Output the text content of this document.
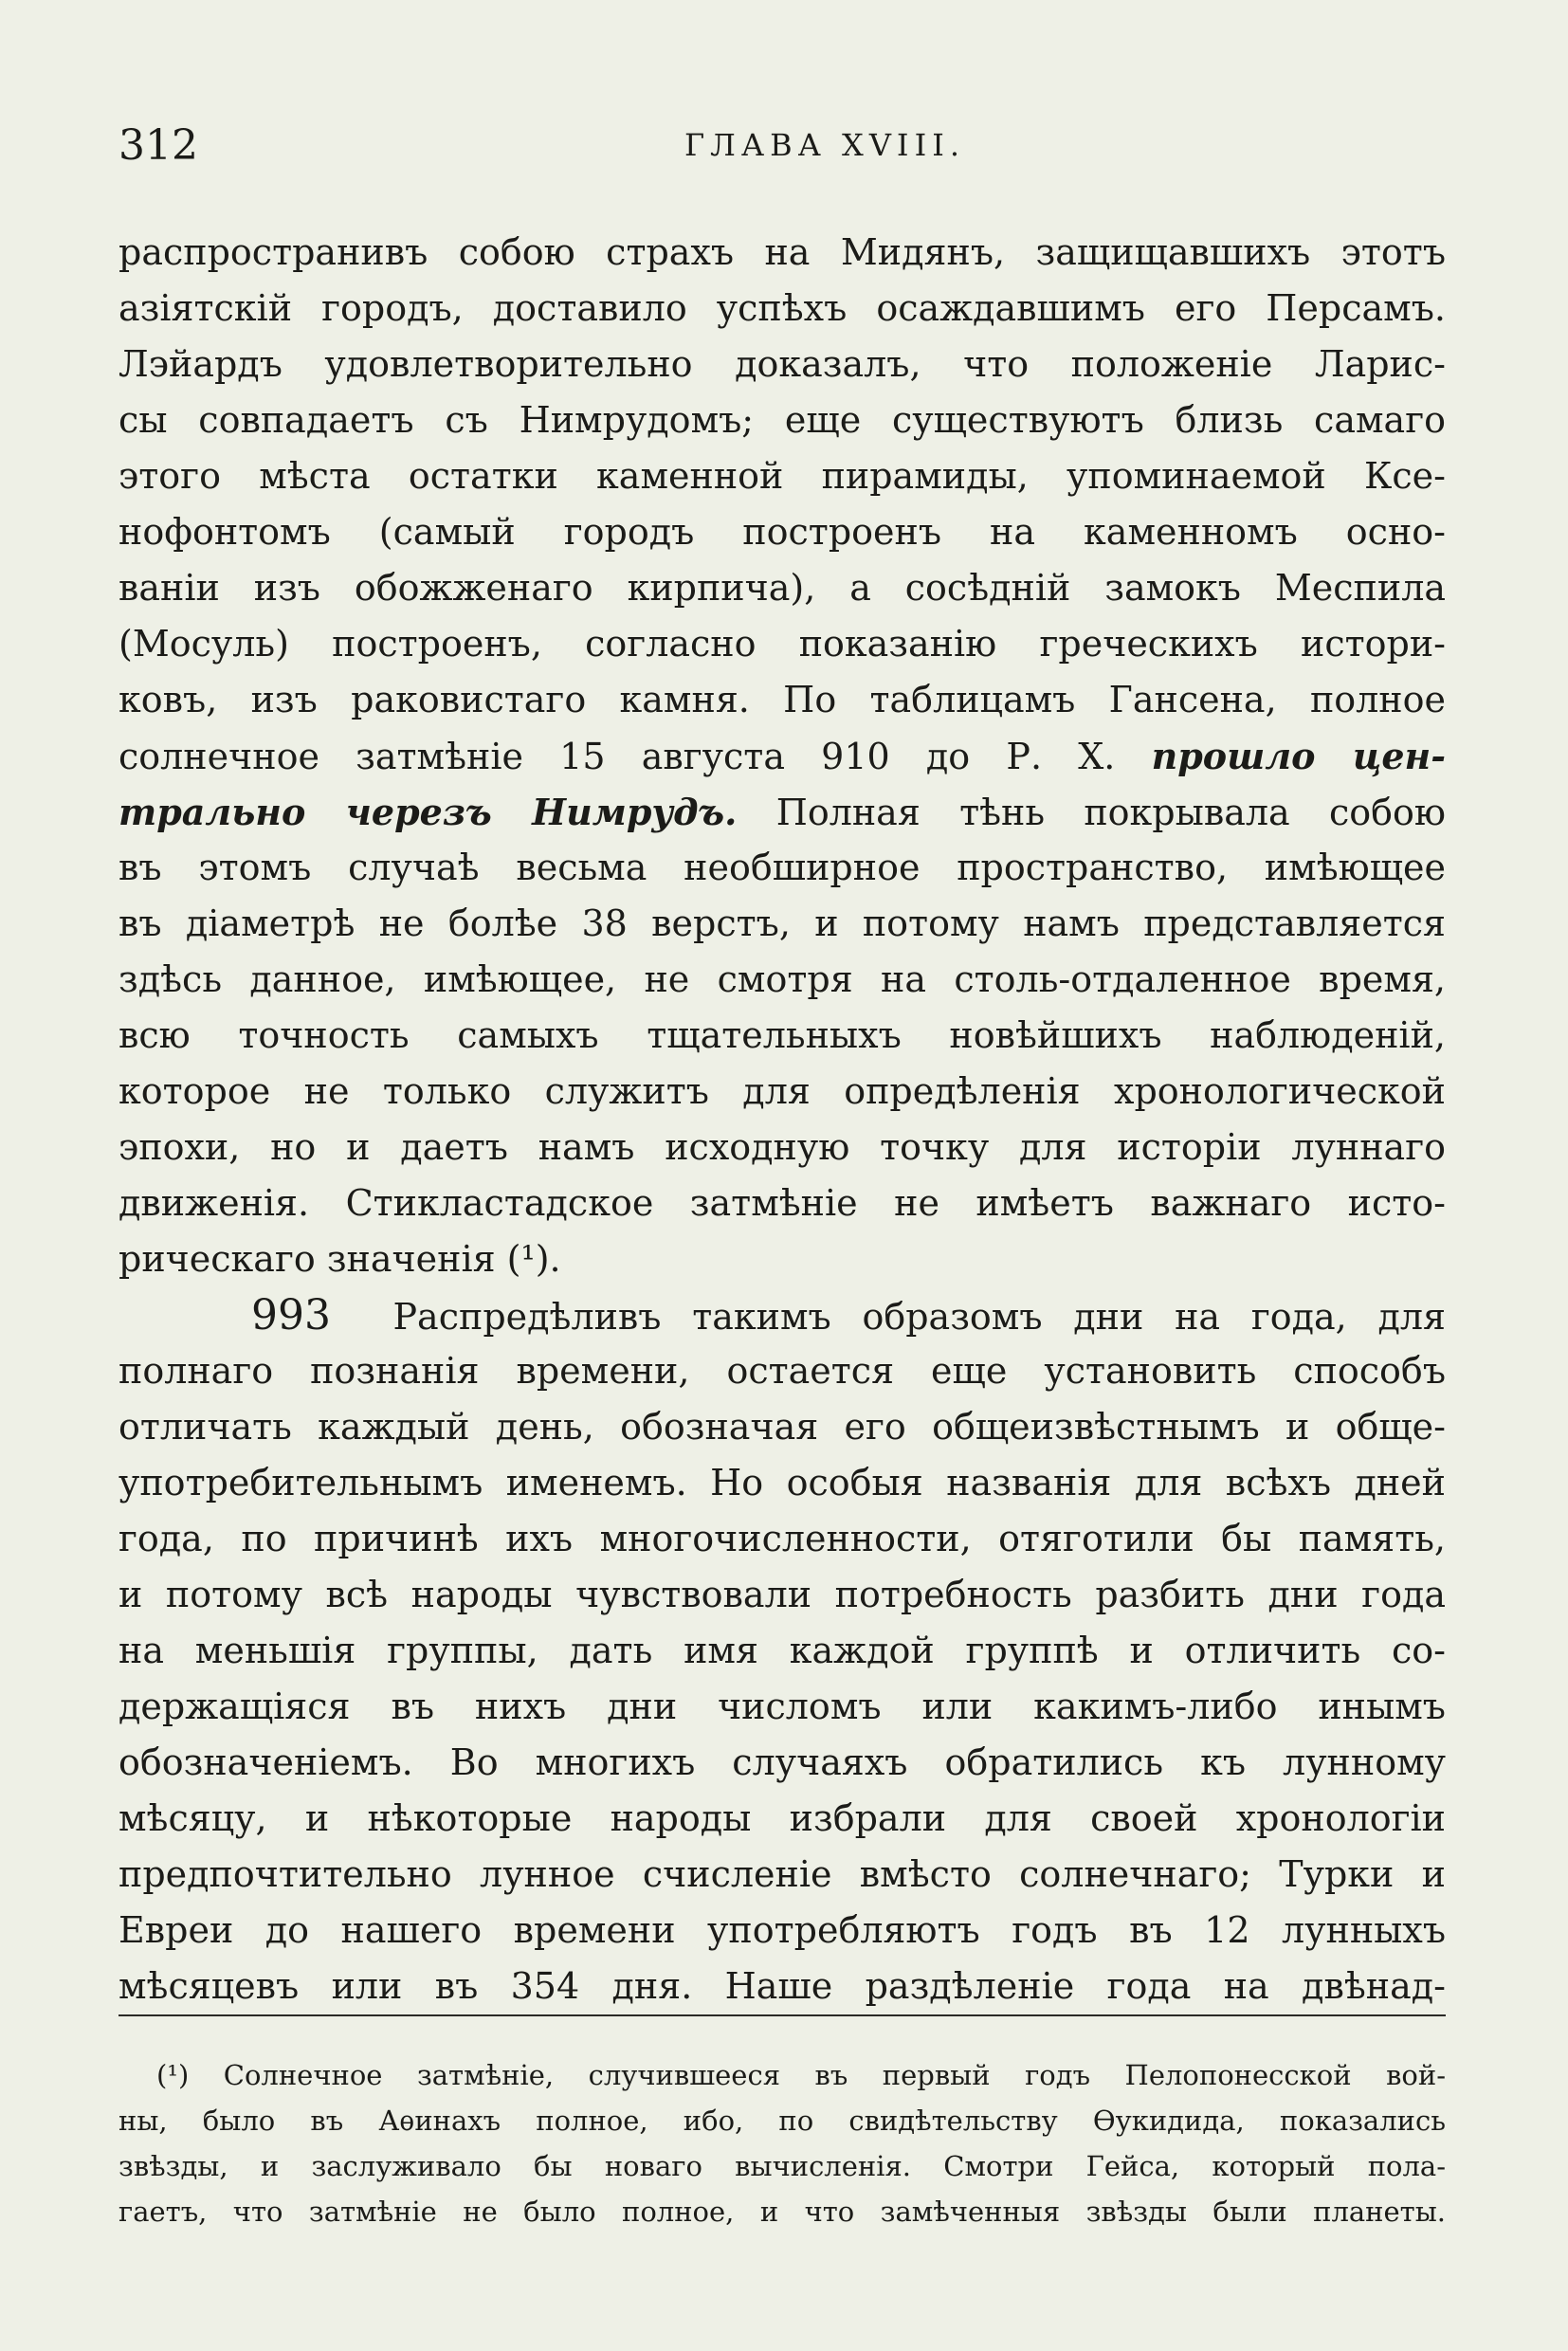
312	ГЛАВА XVIII.
распространивъ собою страхъ на Мидянъ, защищавшихъ этотъ
азіятскій городъ, доставило успѣхъ осаждавшимъ его Персамъ.
Лэйардъ удовлетворительно доказалъ, что положеніе Ларис-
сы совпадаетъ съ Нимрудомъ; еще существуютъ близь самаго
этого мѣста остатки каменной пирамиды, упоминаемой Ксе-
нофонтомъ (самый городъ построенъ на каменномъ осно-
ваніи изъ обожженаго кирпича), а сосѣдній замокъ Меспила
(Мосуль) построенъ, согласно показанію греческихъ истори-
ковъ, изъ раковистаго камня. По таблицамъ Гансена, полное
солнечное затмѣніе 15 августа 910 до Р. Х. прошло цен-
трально черезъ Нимрудъ. Полная тѣнь покрывала собою
въ этомъ случаѣ весьма необширное пространство, имѣющее
въ діаметрѣ не болѣе 38 верстъ, и потому намъ представляется
здѣсь данное, имѣющее, не смотря на столь-отдаленное время,
всю точность самыхъ тщательныхъ новѣйшихъ наблюденій,
которое не только служитъ для опредѣленія хронологической
эпохи, но и даетъ намъ исходную точку для исторіи луннаго
движенія. Стикластадское затмѣніе не имѣетъ важнаго исто-
рическаго значенія (¹).
993 Распредѣливъ такимъ образомъ дни на года, для
полнаго познанія времени, остается еще установить способъ
отличать каждый день, обозначая его общеизвѣстнымъ и обще-
употребительнымъ именемъ. Но особыя названія для всѣхъ дней
года, по причинѣ ихъ многочисленности, отяготили бы память,
и потому всѣ народы чувствовали потребность разбить дни года
на меньшія группы, дать имя каждой группѣ и отличить со-
держащіяся въ нихъ дни числомъ или какимъ-либо инымъ
обозначеніемъ. Во многихъ случаяхъ обратились къ лунному
мѣсяцу, и нѣкоторые народы избрали для своей хронологіи
предпочтительно лунное счисленіе вмѣсто солнечнаго; Турки и
Евреи до нашего времени употребляютъ годъ въ 12 лунныхъ
мѣсяцевъ или въ 354 дня. Наше раздѣленіе года на двѣнад-
(¹) Солнечное затмѣніе, случившееся въ первый годъ Пелопонесской вой-
ны, было въ Аѳинахъ полное, ибо, по свидѣтельству Ѳукидида, показались
звѣзды, и заслуживало бы новаго вычисленія. Смотри Гейса, который пола-
гаетъ, что затмѣніе не было полное, и что замѣченныя звѣзды были планеты.
